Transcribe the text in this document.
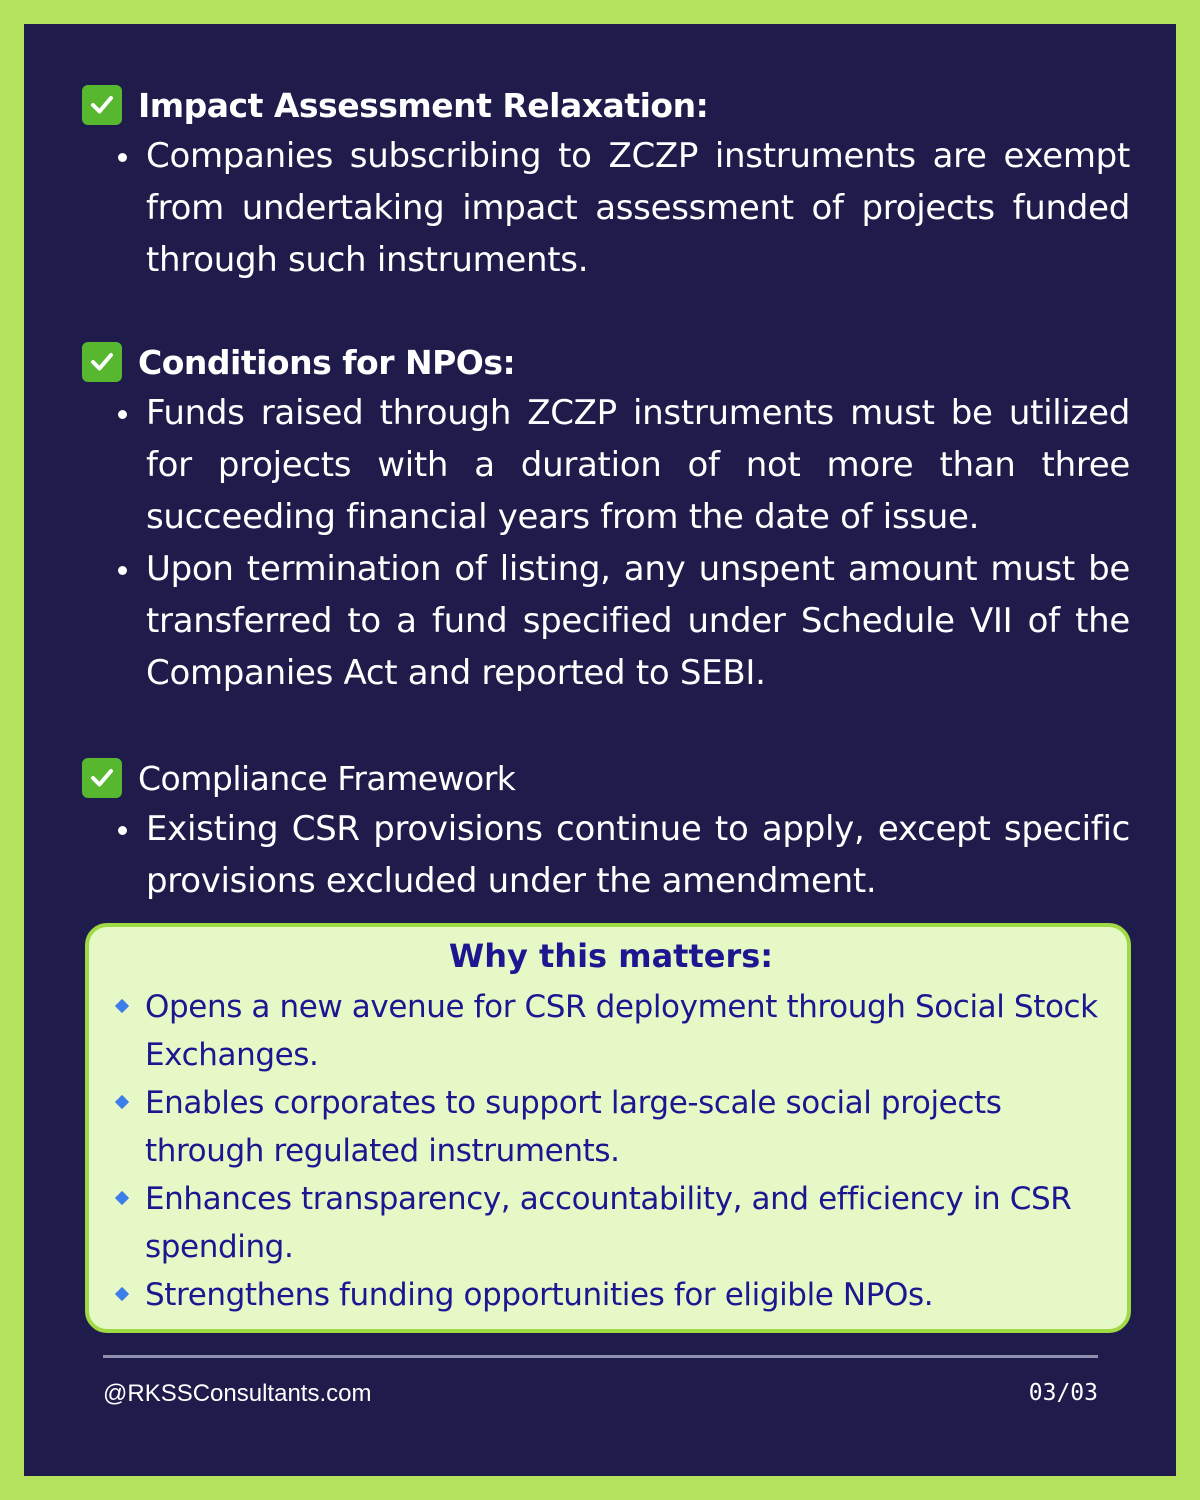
Impact Assessment Relaxation:
Companies subscribing to ZCZP instruments are exempt from undertaking impact assessment of projects funded through such instruments.
Conditions for NPOs:
Funds raised through ZCZP instruments must be utilized for projects with a duration of not more than three succeeding financial years from the date of issue.
Upon termination of listing, any unspent amount must be transferred to a fund specified under Schedule VII of the Companies Act and reported to SEBI.
Compliance Framework
Existing CSR provisions continue to apply, except specific provisions excluded under the amendment.
Why this matters:
Opens a new avenue for CSR deployment through Social Stock Exchanges.
Enables corporates to support large-scale social projects through regulated instruments.
Enhances transparency, accountability, and efficiency in CSR spending.
Strengthens funding opportunities for eligible NPOs.
@RKSSConsultants.com	03/03
